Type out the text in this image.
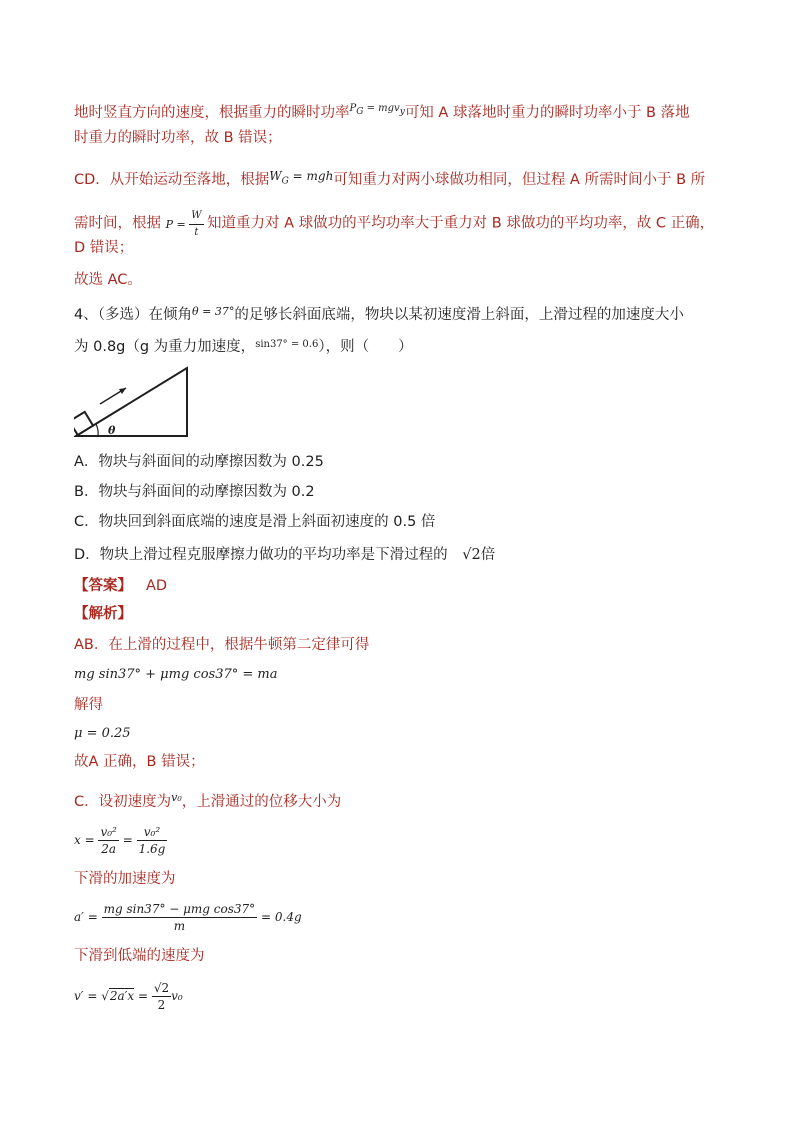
地时竖直方向的速度，根据重力的瞬时功率$^{P_G = mgv_y}$可知 A 球落地时重力的瞬时功率小于 B 落地
时重力的瞬时功率，故 B 错误；
CD．从开始运动至落地，根据$^{W_G = mgh}$可知重力对两小球做功相同，但过程 A 所需时间小于 B 所
需时间，根据 $P = \frac{W}{t}$ 知道重力对 A 球做功的平均功率大于重力对 B 球做功的平均功率，故 C 正确，
D 错误；
故选 AC。
4、（多选）在倾角$^{\theta = 37^\circ}$的足够长斜面底端，物块以某初速度滑上斜面，上滑过程的加速度大小
为 0.8g（g 为重力加速度，$^{sin37^\circ = 0.6}$），则（　　）
θ
A．物块与斜面间的动摩擦因数为 0.25
B．物块与斜面间的动摩擦因数为 0.2
C．物块回到斜面底端的速度是滑上斜面初速度的 0.5 倍
D．物块上滑过程克服摩擦力做功的平均功率是下滑过程的 √2倍
【答案】 AD
【解析】
AB．在上滑的过程中，根据牛顿第二定律可得
mg sin37° + μmg cos37° = ma
解得
μ = 0.25
故A 正确，B 错误；
C．设初速度为$^{v_0}$，上滑通过的位移大小为
$x = \frac{\text{v₀²}}{2a} = \frac{\text{v₀²}}{1.6g}$
下滑的加速度为
$a' = \frac{\text{mg sin37° − μmg cos37°}}{m} = 0.4g$
下滑到低端的速度为
$v' = √2a'x = \frac{√2}{2} v_0$
